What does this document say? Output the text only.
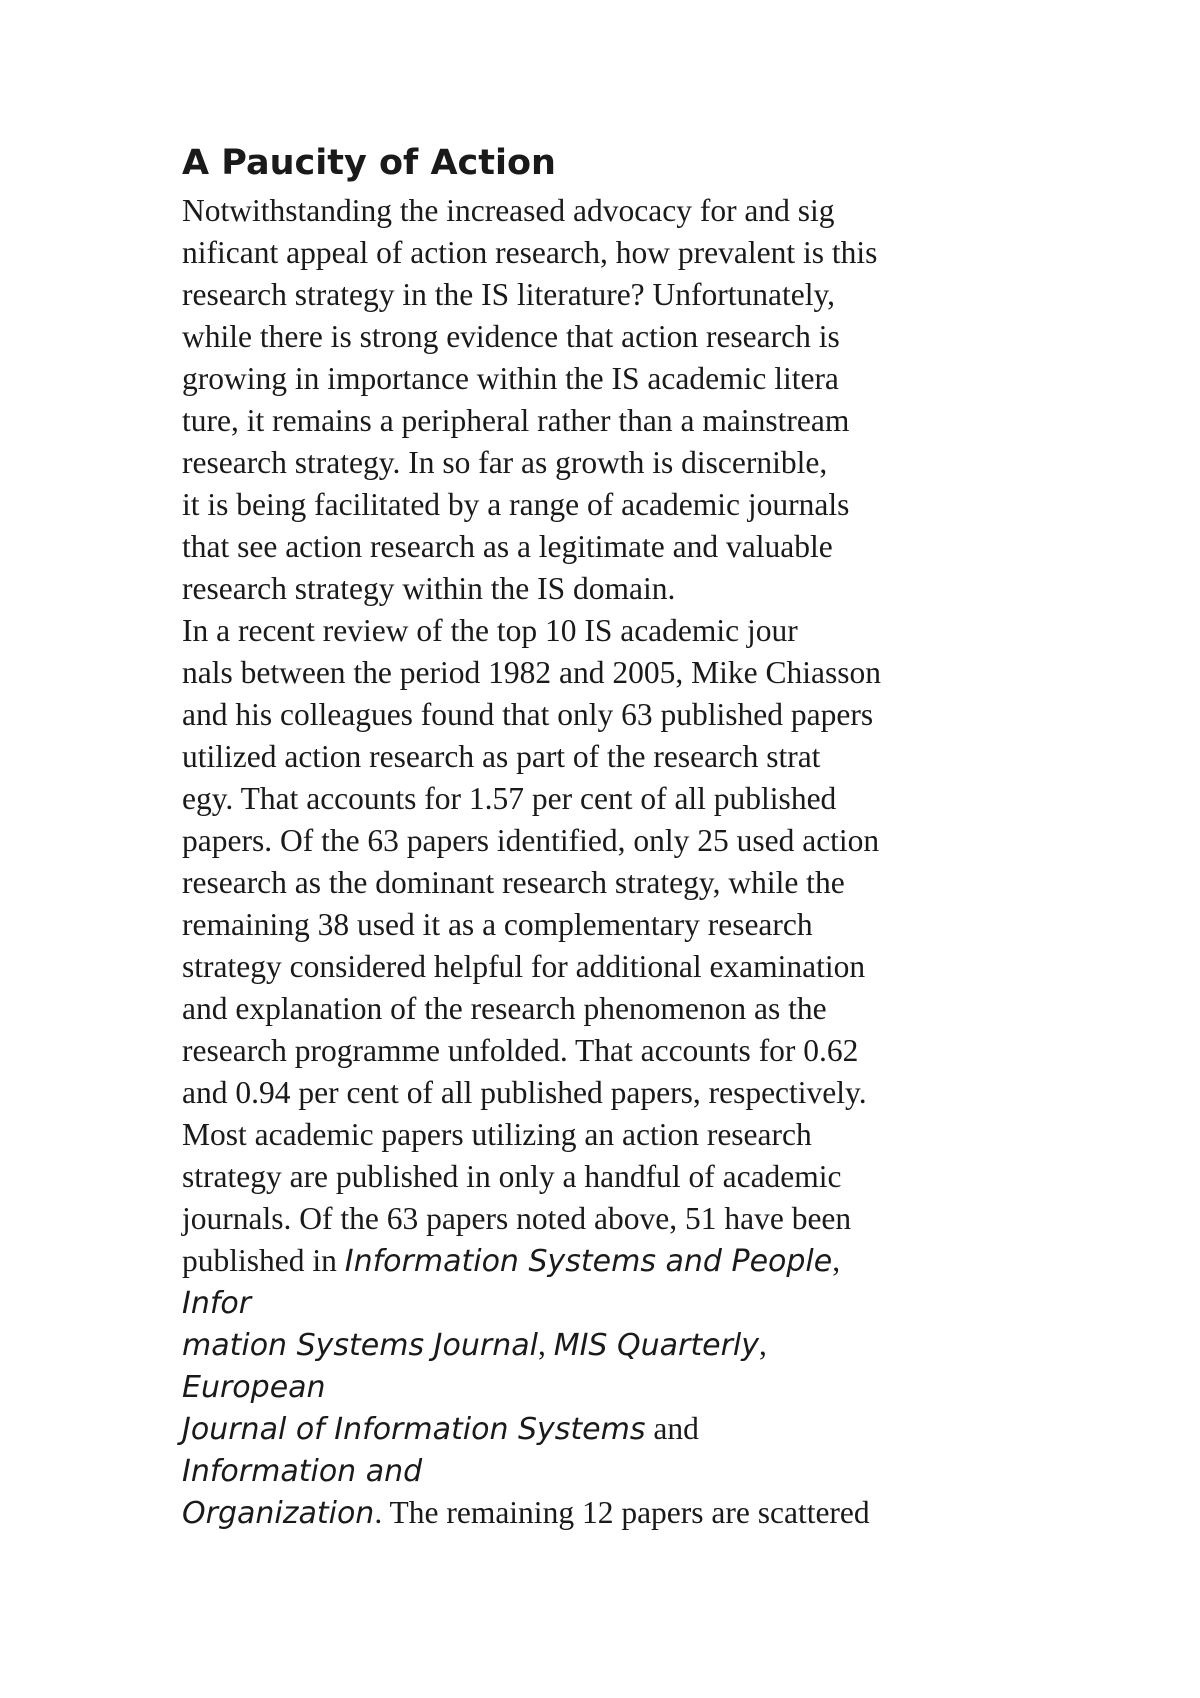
A Paucity of Action
Notwithstanding the increased advocacy for and sig
nificant appeal of action research, how prevalent is this
research strategy in the IS literature? Unfortunately,
while there is strong evidence that action research is
growing in importance within the IS academic litera
ture, it remains a peripheral rather than a mainstream
research strategy. In so far as growth is discernible,
it is being facilitated by a range of academic journals
that see action research as a legitimate and valuable
research strategy within the IS domain.
In a recent review of the top 10 IS academic jour
nals between the period 1982 and 2005, Mike Chiasson
and his colleagues found that only 63 published papers
utilized action research as part of the research strat
egy. That accounts for 1.57 per cent of all published
papers. Of the 63 papers identified, only 25 used action
research as the dominant research strategy, while the
remaining 38 used it as a complementary research
strategy considered helpful for additional examination
and explanation of the research phenomenon as the
research programme unfolded. That accounts for 0.62
and 0.94 per cent of all published papers, respectively.
Most academic papers utilizing an action research
strategy are published in only a handful of academic
journals. Of the 63 papers noted above, 51 have been
published in Information Systems and People,
Infor
mation Systems Journal, MIS Quarterly,
European
Journal of Information Systems and
Information and
Organization. The remaining 12 papers are scattered
